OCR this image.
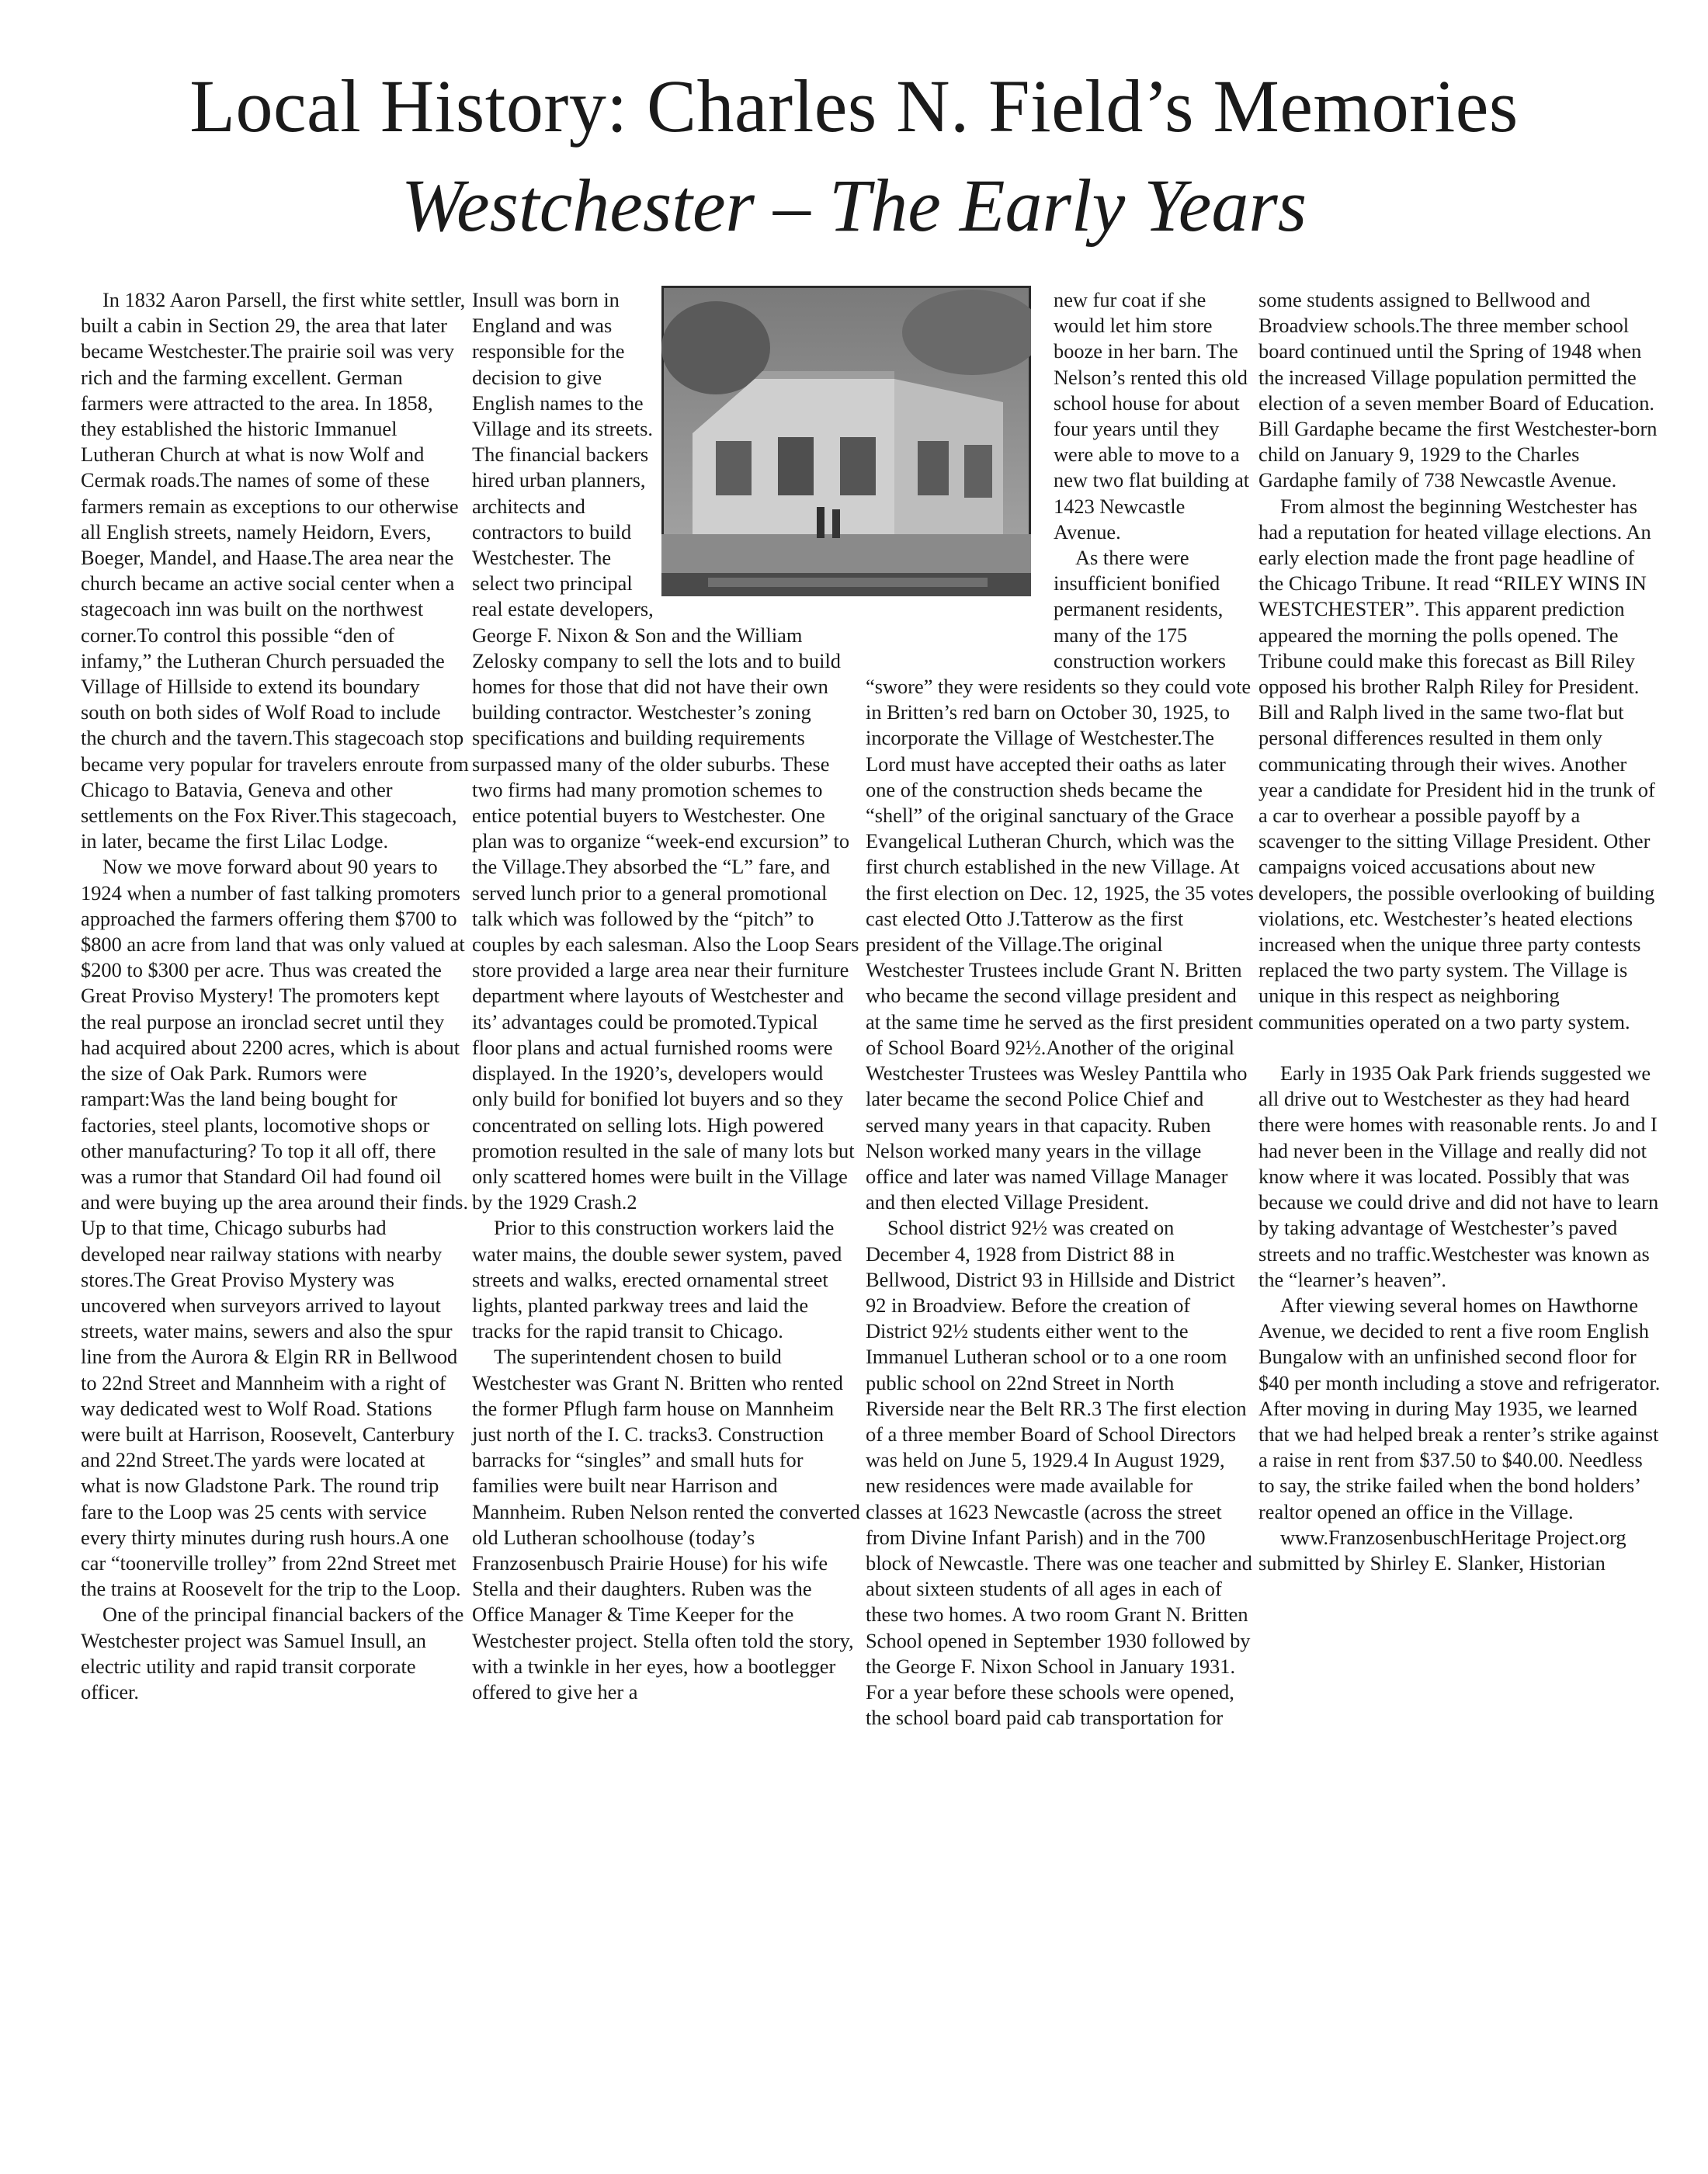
Local History: Charles N. Field’s Memories
Westchester – The Early Years

In 1832 Aaron Parsell, the first white settler, built a cabin in Section 29, the area that later became Westchester.The prairie soil was very rich and the farming excellent. German farmers were attracted to the area. In 1858, they established the historic Immanuel Lutheran Church at what is now Wolf and Cermak roads.The names of some of these farmers remain as exceptions to our otherwise all English streets, namely Heidorn, Evers, Boeger, Mandel, and Haase.The area near the church became an active social center when a stagecoach inn was built on the northwest corner.To control this possible “den of infamy,” the Lutheran Church persuaded the Village of Hillside to extend its boundary south on both sides of Wolf Road to include the church and the tavern.This stagecoach stop became very popular for travelers enroute from Chicago to Batavia, Geneva and other settlements on the Fox River.This stagecoach, in later, became the first Lilac Lodge.

Now we move forward about 90 years to 1924 when a number of fast talking promoters approached the farmers offering them $700 to $800 an acre from land that was only valued at $200 to $300 per acre. Thus was created the Great Proviso Mystery! The promoters kept the real purpose an ironclad secret until they had acquired about 2200 acres, which is about the size of Oak Park. Rumors were rampart:Was the land being bought for factories, steel plants, locomotive shops or other manufacturing? To top it all off, there was a rumor that Standard Oil had found oil and were buying up the area around their finds. Up to that time, Chicago suburbs had developed near railway stations with nearby stores.The Great Proviso Mystery was uncovered when surveyors arrived to layout streets, water mains, sewers and also the spur line from the Aurora & Elgin RR in Bellwood to 22nd Street and Mannheim with a right of way dedicated west to Wolf Road. Stations were built at Harrison, Roosevelt, Canterbury and 22nd Street.The yards were located at what is now Gladstone Park. The round trip fare to the Loop was 25 cents with service every thirty minutes during rush hours.A one car “toonerville trolley” from 22nd Street met the trains at Roosevelt for the trip to the Loop.

One of the principal financial backers of the Westchester project was Samuel Insull, an electric utility and rapid transit corporate officer.

Insull was born in England and was responsible for the decision to give English names to the Village and its streets. The financial backers hired urban planners, architects and contractors to build Westchester. The select two principal real estate developers, George F. Nixon & Son and the William Zelosky company to sell the lots and to build homes for those that did not have their own building contractor. Westchester’s zoning specifications and building requirements surpassed many of the older suburbs. These two firms had many promotion schemes to entice potential buyers to Westchester. One plan was to organize “week-end excursion” to the Village.They absorbed the “L” fare, and served lunch prior to a general promotional talk which was followed by the “pitch” to couples by each salesman. Also the Loop Sears store provided a large area near their furniture department where layouts of Westchester and its’ advantages could be promoted.Typical floor plans and actual furnished rooms were displayed. In the 1920’s, developers would only build for bonified lot buyers and so they concentrated on selling lots. High powered promotion resulted in the sale of many lots but only scattered homes were built in the Village by the 1929 Crash.2

Prior to this construction workers laid the water mains, the double sewer system, paved streets and walks, erected ornamental street lights, planted parkway trees and laid the tracks for the rapid transit to Chicago.

The superintendent chosen to build Westchester was Grant N. Britten who rented the former Pflugh farm house on Mannheim just north of the I. C. tracks3. Construction barracks for “singles” and small huts for families were built near Harrison and Mannheim. Ruben Nelson rented the converted old Lutheran schoolhouse (today’s Franzosenbusch Prairie House) for his wife Stella and their daughters. Ruben was the Office Manager & Time Keeper for the Westchester project. Stella often told the story, with a twinkle in her eyes, how a bootlegger offered to give her a

new fur coat if she would let him store booze in her barn. The Nelson’s rented this old school house for about four years until they were able to move to a new two flat building at 1423 Newcastle Avenue.

As there were insufficient bonified permanent residents, many of the 175 construction workers “swore” they were residents so they could vote in Britten’s red barn on October 30, 1925, to incorporate the Village of Westchester.The Lord must have accepted their oaths as later one of the construction sheds became the “shell” of the original sanctuary of the Grace Evangelical Lutheran Church, which was the first church established in the new Village. At the first election on Dec. 12, 1925, the 35 votes cast elected Otto J.Tatterow as the first president of the Village.The original Westchester Trustees include Grant N. Britten who became the second village president and at the same time he served as the first president of School Board 92½.Another of the original Westchester Trustees was Wesley Panttila who later became the second Police Chief and served many years in that capacity. Ruben Nelson worked many years in the village office and later was named Village Manager and then elected Village President.

School district 92½ was created on December 4, 1928 from District 88 in Bellwood, District 93 in Hillside and District 92 in Broadview. Before the creation of District 92½ students either went to the Immanuel Lutheran school or to a one room public school on 22nd Street in North Riverside near the Belt RR.3 The first election of a three member Board of School Directors was held on June 5, 1929.4 In August 1929, new residences were made available for classes at 1623 Newcastle (across the street from Divine Infant Parish) and in the 700 block of Newcastle. There was one teacher and about sixteen students of all ages in each of these two homes. A two room Grant N. Britten School opened in September 1930 followed by the George F. Nixon School in January 1931. For a year before these schools were opened, the school board paid cab transportation for

some students assigned to Bellwood and Broadview schools.The three member school board continued until the Spring of 1948 when the increased Village population permitted the election of a seven member Board of Education.

Bill Gardaphe became the first Westchester-born child on January 9, 1929 to the Charles Gardaphe family of 738 Newcastle Avenue.

From almost the beginning Westchester has had a reputation for heated village elections. An early election made the front page headline of the Chicago Tribune. It read “RILEY WINS IN WESTCHESTER”. This apparent prediction appeared the morning the polls opened. The Tribune could make this forecast as Bill Riley opposed his brother Ralph Riley for President. Bill and Ralph lived in the same two-flat but personal differences resulted in them only communicating through their wives. Another year a candidate for President hid in the trunk of a car to overhear a possible payoff by a scavenger to the sitting Village President. Other campaigns voiced accusations about new developers, the possible overlooking of building violations, etc. Westchester’s heated elections increased when the unique three party contests replaced the two party system. The Village is unique in this respect as neighboring communities operated on a two party system.

Early in 1935 Oak Park friends suggested we all drive out to Westchester as they had heard there were homes with reasonable rents. Jo and I had never been in the Village and really did not know where it was located. Possibly that was because we could drive and did not have to learn by taking advantage of Westchester’s paved streets and no traffic.Westchester was known as the “learner’s heaven”.

After viewing several homes on Hawthorne Avenue, we decided to rent a five room English Bungalow with an unfinished second floor for $40 per month including a stove and refrigerator. After moving in during May 1935, we learned that we had helped break a renter’s strike against a raise in rent from $37.50 to $40.00. Needless to say, the strike failed when the bond holders’ realtor opened an office in the Village.

www.FranzosenbuschHeritage Project.org submitted by Shirley E. Slanker, Historian
